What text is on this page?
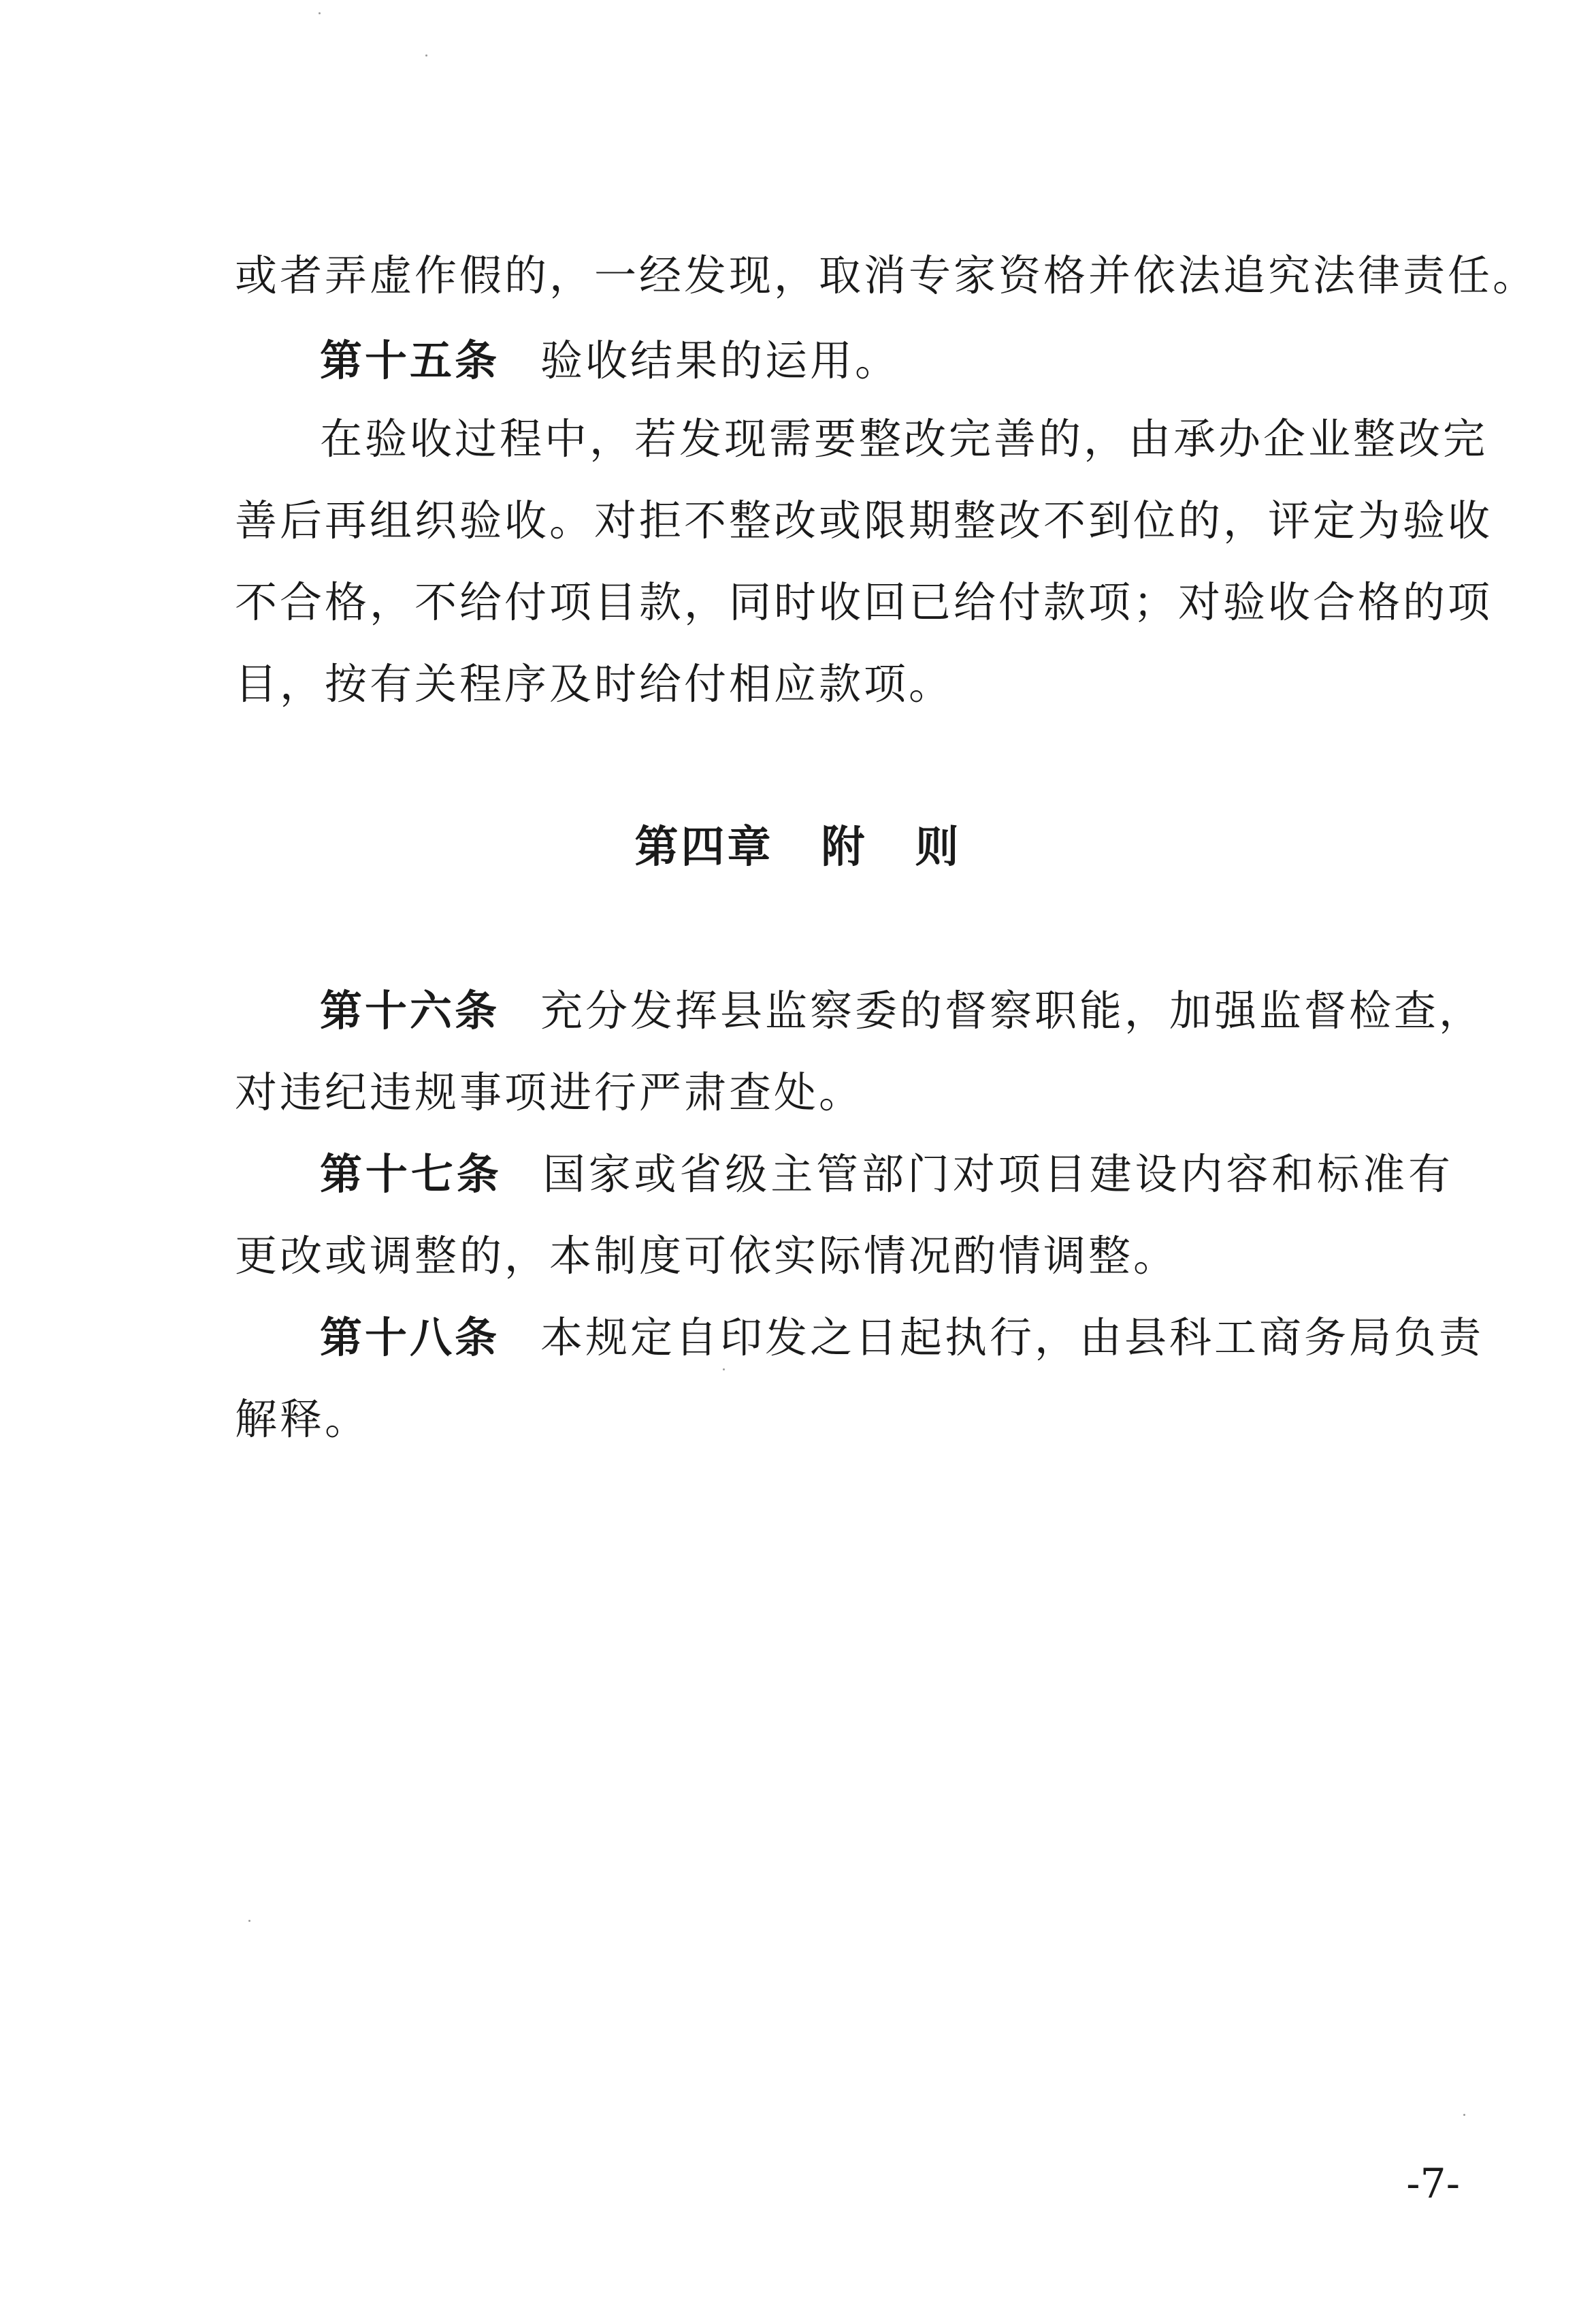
或者弄虚作假的，一经发现，取消专家资格并依法追究法律责任。
第十五条 验收结果的运用。
在验收过程中，若发现需要整改完善的，由承办企业整改完
善后再组织验收。对拒不整改或限期整改不到位的，评定为验收
不合格，不给付项目款，同时收回已给付款项；对验收合格的项
目，按有关程序及时给付相应款项。
第四章 附 则
第十六条 充分发挥县监察委的督察职能，加强监督检查，
对违纪违规事项进行严肃查处。
第十七条 国家或省级主管部门对项目建设内容和标准有
更改或调整的，本制度可依实际情况酌情调整。
第十八条 本规定自印发之日起执行，由县科工商务局负责
解释。
-7-
